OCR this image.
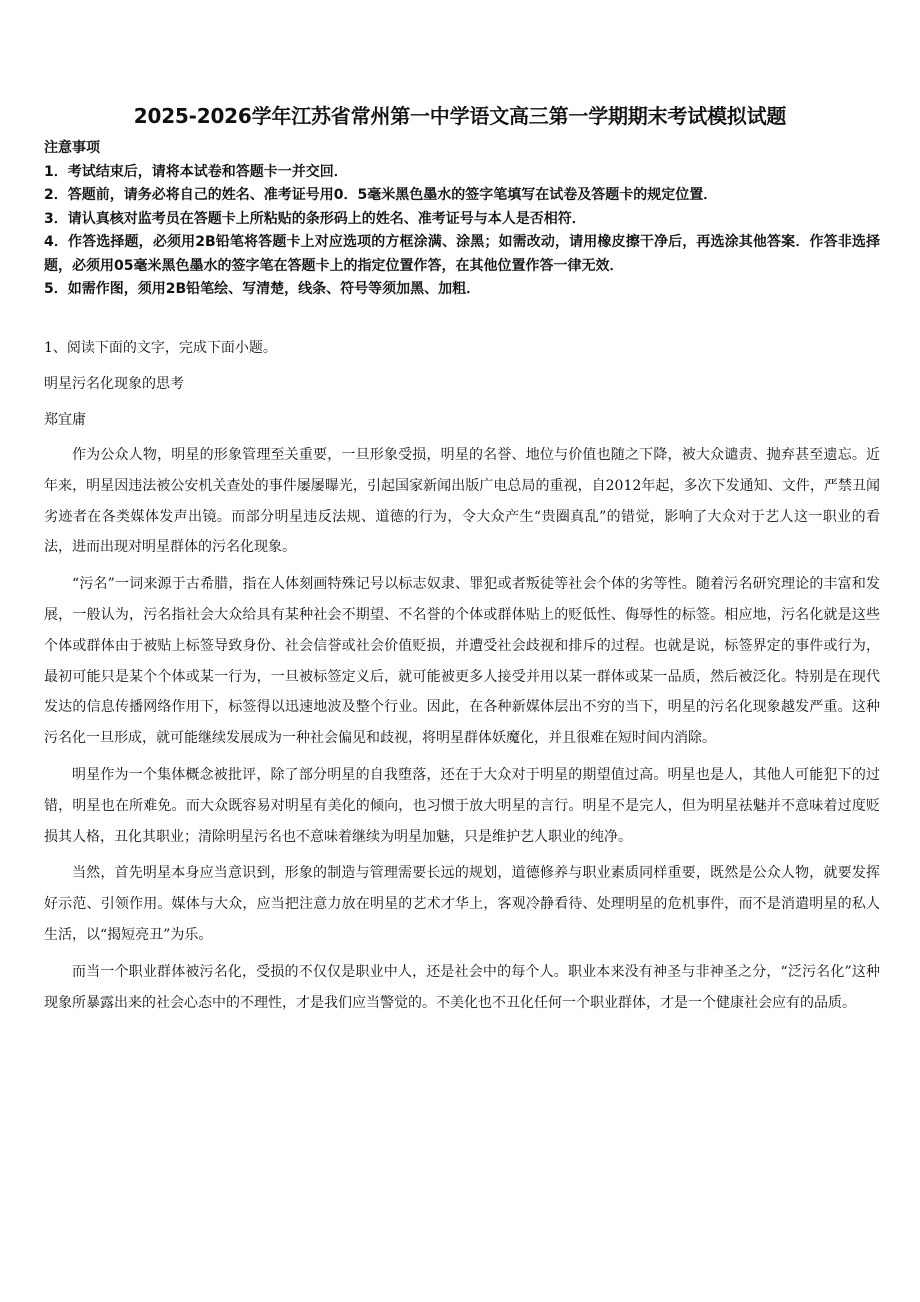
2025-2026学年江苏省常州第一中学语文高三第一学期期末考试模拟试题
注意事项
1．考试结束后，请将本试卷和答题卡一并交回．
2．答题前，请务必将自己的姓名、准考证号用0．5毫米黑色墨水的签字笔填写在试卷及答题卡的规定位置．
3．请认真核对监考员在答题卡上所粘贴的条形码上的姓名、准考证号与本人是否相符．
4．作答选择题，必须用2B铅笔将答题卡上对应选项的方框涂满、涂黑；如需改动，请用橡皮擦干净后，再选涂其他答案．作答非选择题，必须用05毫米黑色墨水的签字笔在答题卡上的指定位置作答，在其他位置作答一律无效．
5．如需作图，须用2B铅笔绘、写清楚，线条、符号等须加黑、加粗．
1、阅读下面的文字，完成下面小题。
明星污名化现象的思考
郑宜庸

作为公众人物，明星的形象管理至关重要，一旦形象受损，明星的名誉、地位与价值也随之下降，被大众谴责、抛弃甚至遗忘。近年来，明星因违法被公安机关查处的事件屡屡曝光，引起国家新闻出版广电总局的重视，自2012年起，多次下发通知、文件，严禁丑闻劣迹者在各类媒体发声出镜。而部分明星违反法规、道德的行为，令大众产生“贵圈真乱”的错觉，影响了大众对于艺人这一职业的看法，进而出现对明星群体的污名化现象。

“污名”一词来源于古希腊，指在人体刻画特殊记号以标志奴隶、罪犯或者叛徒等社会个体的劣等性。随着污名研究理论的丰富和发展，一般认为，污名指社会大众给具有某种社会不期望、不名誉的个体或群体贴上的贬低性、侮辱性的标签。相应地，污名化就是这些个体或群体由于被贴上标签导致身份、社会信誉或社会价值贬损，并遭受社会歧视和排斥的过程。也就是说，标签界定的事件或行为，最初可能只是某个个体或某一行为，一旦被标签定义后，就可能被更多人接受并用以某一群体或某一品质，然后被泛化。特别是在现代发达的信息传播网络作用下，标签得以迅速地波及整个行业。因此，在各种新媒体层出不穷的当下，明星的污名化现象越发严重。这种污名化一旦形成，就可能继续发展成为一种社会偏见和歧视，将明星群体妖魔化，并且很难在短时间内消除。

明星作为一个集体概念被批评，除了部分明星的自我堕落，还在于大众对于明星的期望值过高。明星也是人，其他人可能犯下的过错，明星也在所难免。而大众既容易对明星有美化的倾向，也习惯于放大明星的言行。明星不是完人，但为明星祛魅并不意味着过度贬损其人格，丑化其职业；清除明星污名也不意味着继续为明星加魅，只是维护艺人职业的纯净。

当然，首先明星本身应当意识到，形象的制造与管理需要长远的规划，道德修养与职业素质同样重要，既然是公众人物，就要发挥好示范、引领作用。媒体与大众，应当把注意力放在明星的艺术才华上，客观冷静看待、处理明星的危机事件，而不是消遣明星的私人生活，以“揭短亮丑”为乐。

而当一个职业群体被污名化，受损的不仅仅是职业中人，还是社会中的每个人。职业本来没有神圣与非神圣之分，“泛污名化”这种现象所暴露出来的社会心态中的不理性，才是我们应当警觉的。不美化也不丑化任何一个职业群体，才是一个健康社会应有的品质。
